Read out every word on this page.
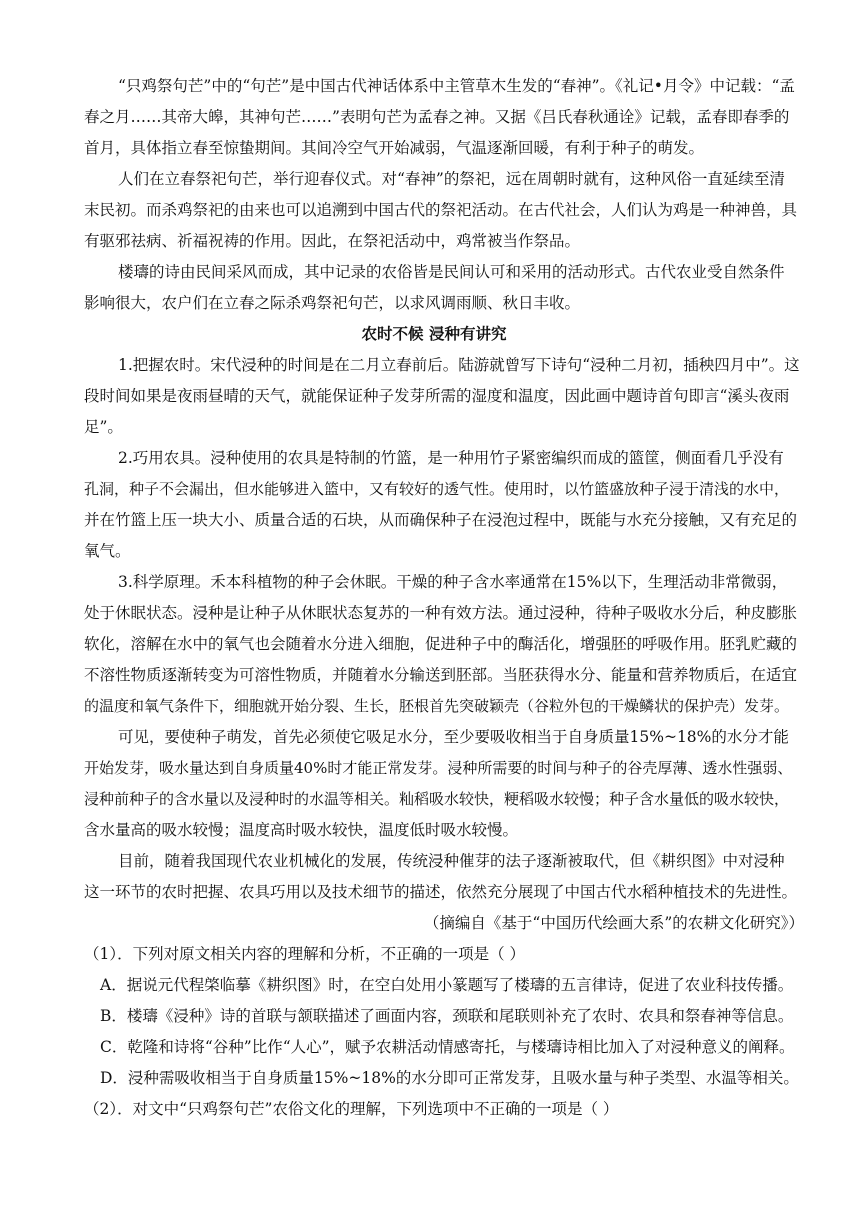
“只鸡祭句芒”中的“句芒”是中国古代神话体系中主管草木生发的“春神”。《礼记•月令》中记载：“孟
春之月……其帝大皞，其神句芒……”表明句芒为孟春之神。又据《吕氏春秋通诠》记载，孟春即春季的
首月，具体指立春至惊蛰期间。其间冷空气开始减弱，气温逐渐回暖，有利于种子的萌发。
人们在立春祭祀句芒，举行迎春仪式。对“春神”的祭祀，远在周朝时就有，这种风俗一直延续至清
末民初。而杀鸡祭祀的由来也可以追溯到中国古代的祭祀活动。在古代社会，人们认为鸡是一种神兽，具
有驱邪祛病、祈福祝祷的作用。因此，在祭祀活动中，鸡常被当作祭品。
楼璹的诗由民间采风而成，其中记录的农俗皆是民间认可和采用的活动形式。古代农业受自然条件
影响很大，农户们在立春之际杀鸡祭祀句芒，以求风调雨顺、秋日丰收。
农时不候 浸种有讲究
1.把握农时。宋代浸种的时间是在二月立春前后。陆游就曾写下诗句“浸种二月初，插秧四月中”。这
段时间如果是夜雨昼晴的天气，就能保证种子发芽所需的湿度和温度，因此画中题诗首句即言“溪头夜雨
足”。
2.巧用农具。浸种使用的农具是特制的竹篮，是一种用竹子紧密编织而成的篮筐，侧面看几乎没有
孔洞，种子不会漏出，但水能够进入篮中，又有较好的透气性。使用时，以竹篮盛放种子浸于清浅的水中，
并在竹篮上压一块大小、质量合适的石块，从而确保种子在浸泡过程中，既能与水充分接触，又有充足的
氧气。
3.科学原理。禾本科植物的种子会休眠。干燥的种子含水率通常在15%以下，生理活动非常微弱，
处于休眠状态。浸种是让种子从休眠状态复苏的一种有效方法。通过浸种，待种子吸收水分后，种皮膨胀
软化，溶解在水中的氧气也会随着水分进入细胞，促进种子中的酶活化，增强胚的呼吸作用。胚乳贮藏的
不溶性物质逐渐转变为可溶性物质，并随着水分输送到胚部。当胚获得水分、能量和营养物质后，在适宜
的温度和氧气条件下，细胞就开始分裂、生长，胚根首先突破颖壳（谷粒外包的干燥鳞状的保护壳）发芽。
可见，要使种子萌发，首先必须使它吸足水分，至少要吸收相当于自身质量15%~18%的水分才能
开始发芽，吸水量达到自身质量40%时才能正常发芽。浸种所需要的时间与种子的谷壳厚薄、透水性强弱、
浸种前种子的含水量以及浸种时的水温等相关。籼稻吸水较快，粳稻吸水较慢；种子含水量低的吸水较快，
含水量高的吸水较慢；温度高时吸水较快，温度低时吸水较慢。
目前，随着我国现代农业机械化的发展，传统浸种催芽的法子逐渐被取代，但《耕织图》中对浸种
这一环节的农时把握、农具巧用以及技术细节的描述，依然充分展现了中国古代水稻种植技术的先进性。
（摘编自《基于“中国历代绘画大系”的农耕文化研究》）
（1）．下列对原文相关内容的理解和分析，不正确的一项是（ ）
A．据说元代程棨临摹《耕织图》时，在空白处用小篆题写了楼璹的五言律诗，促进了农业科技传播。
B．楼璹《浸种》诗的首联与颔联描述了画面内容，颈联和尾联则补充了农时、农具和祭春神等信息。
C．乾隆和诗将“谷种”比作“人心”，赋予农耕活动情感寄托，与楼璹诗相比加入了对浸种意义的阐释。
D．浸种需吸收相当于自身质量15%~18%的水分即可正常发芽，且吸水量与种子类型、水温等相关。
（2）．对文中“只鸡祭句芒”农俗文化的理解，下列选项中不正确的一项是（ ）
